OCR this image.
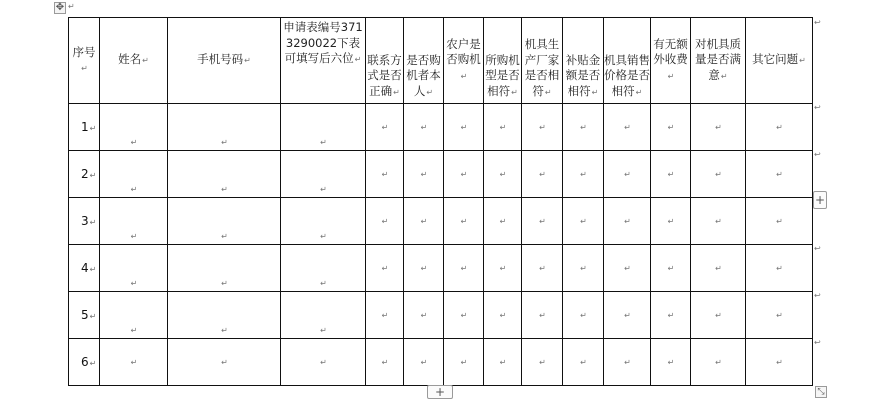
✥ ↵
序号↵	姓名↵	手机号码↵	申请表编号3713290022下表可填写后六位↵	联系方式是否正确↵	是否购机者本人↵	农户是否购机↵	所购机型是否相符↵	机具生产厂家是否相符↵	补贴金额是否相符↵	机具销售价格是否相符↵	有无额外收费↵	对机具质量是否满意↵	其它问题↵
1↵	↵	↵	↵	↵	↵	↵	↵	↵	↵	↵	↵	↵	↵
2↵	↵	↵	↵	↵	↵	↵	↵	↵	↵	↵	↵	↵	↵
3↵	↵	↵	↵	↵	↵	↵	↵	↵	↵	↵	↵	↵	↵
4↵	↵	↵	↵	↵	↵	↵	↵	↵	↵	↵	↵	↵	↵
5↵	↵	↵	↵	↵	↵	↵	↵	↵	↵	↵	↵	↵	↵
6↵	↵	↵	↵	↵	↵	↵	↵	↵	↵	↵	↵	↵	↵
↩
↩
↩
↩
↩
↩
+
+	⤡
